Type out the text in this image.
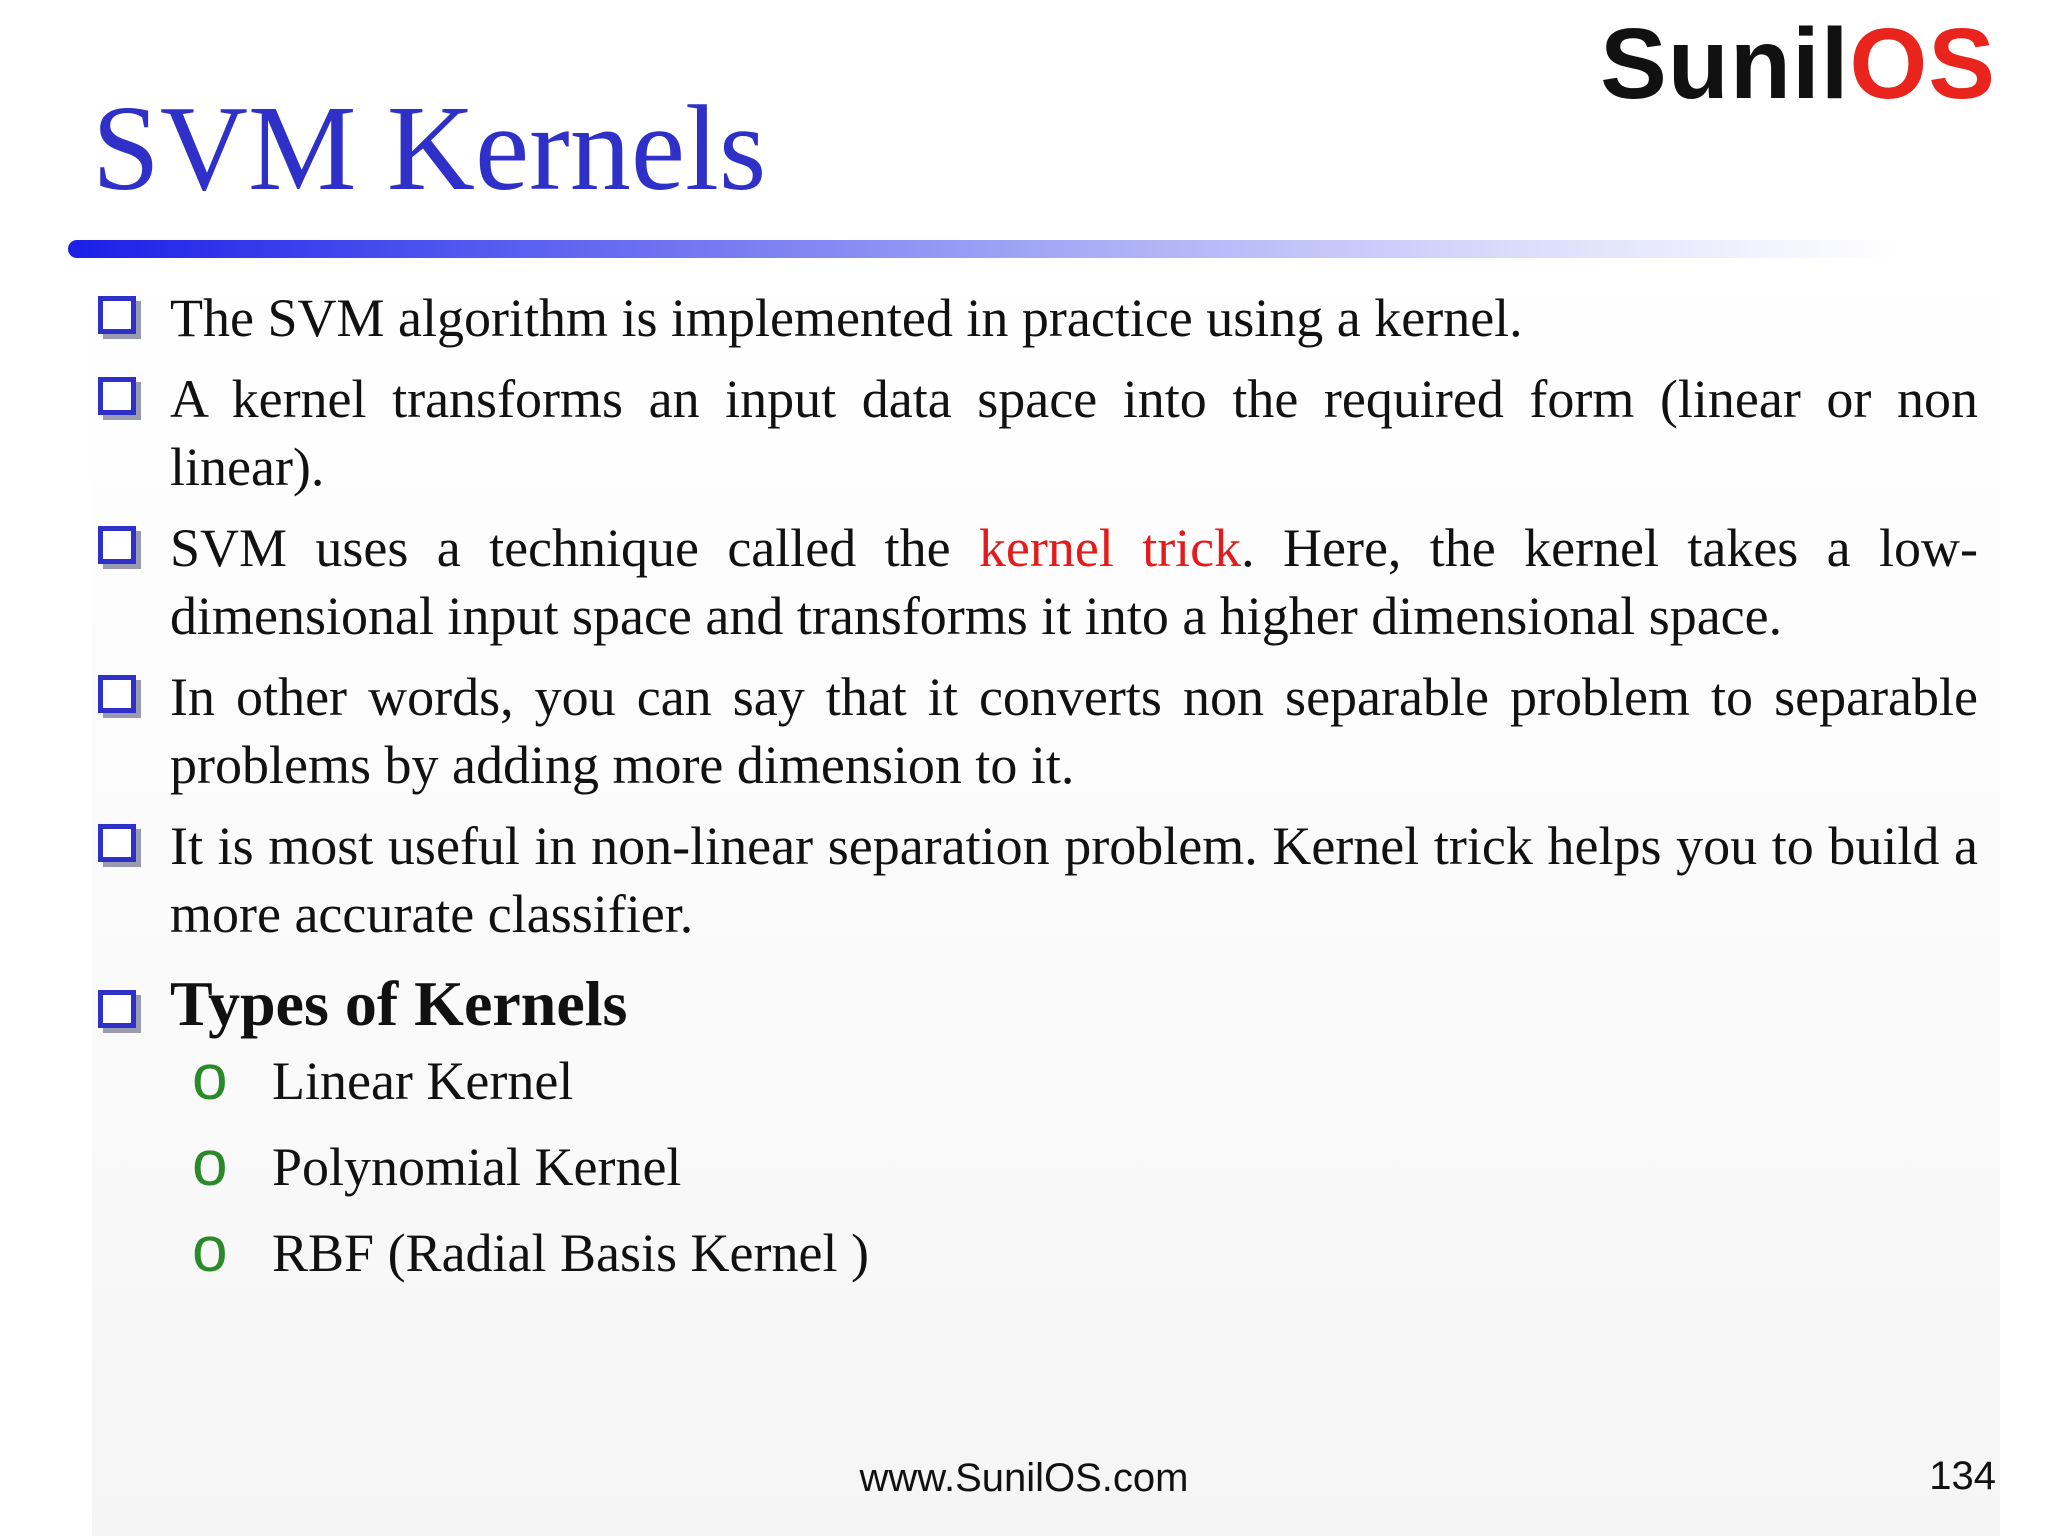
SunilOS
SVM Kernels
The SVM algorithm is implemented in practice using a kernel.
A kernel transforms an input data space into the required form (linear or non linear).
SVM uses a technique called the kernel trick. Here, the kernel takes a low-dimensional input space and transforms it into a higher dimensional space.
In other words, you can say that it converts non separable problem to separable problems by adding more dimension to it.
It is most useful in non-linear separation problem. Kernel trick helps you to build a more accurate classifier.
Types of Kernels
o Linear Kernel
o Polynomial Kernel
o RBF (Radial Basis Kernel )
www.SunilOS.com	134
